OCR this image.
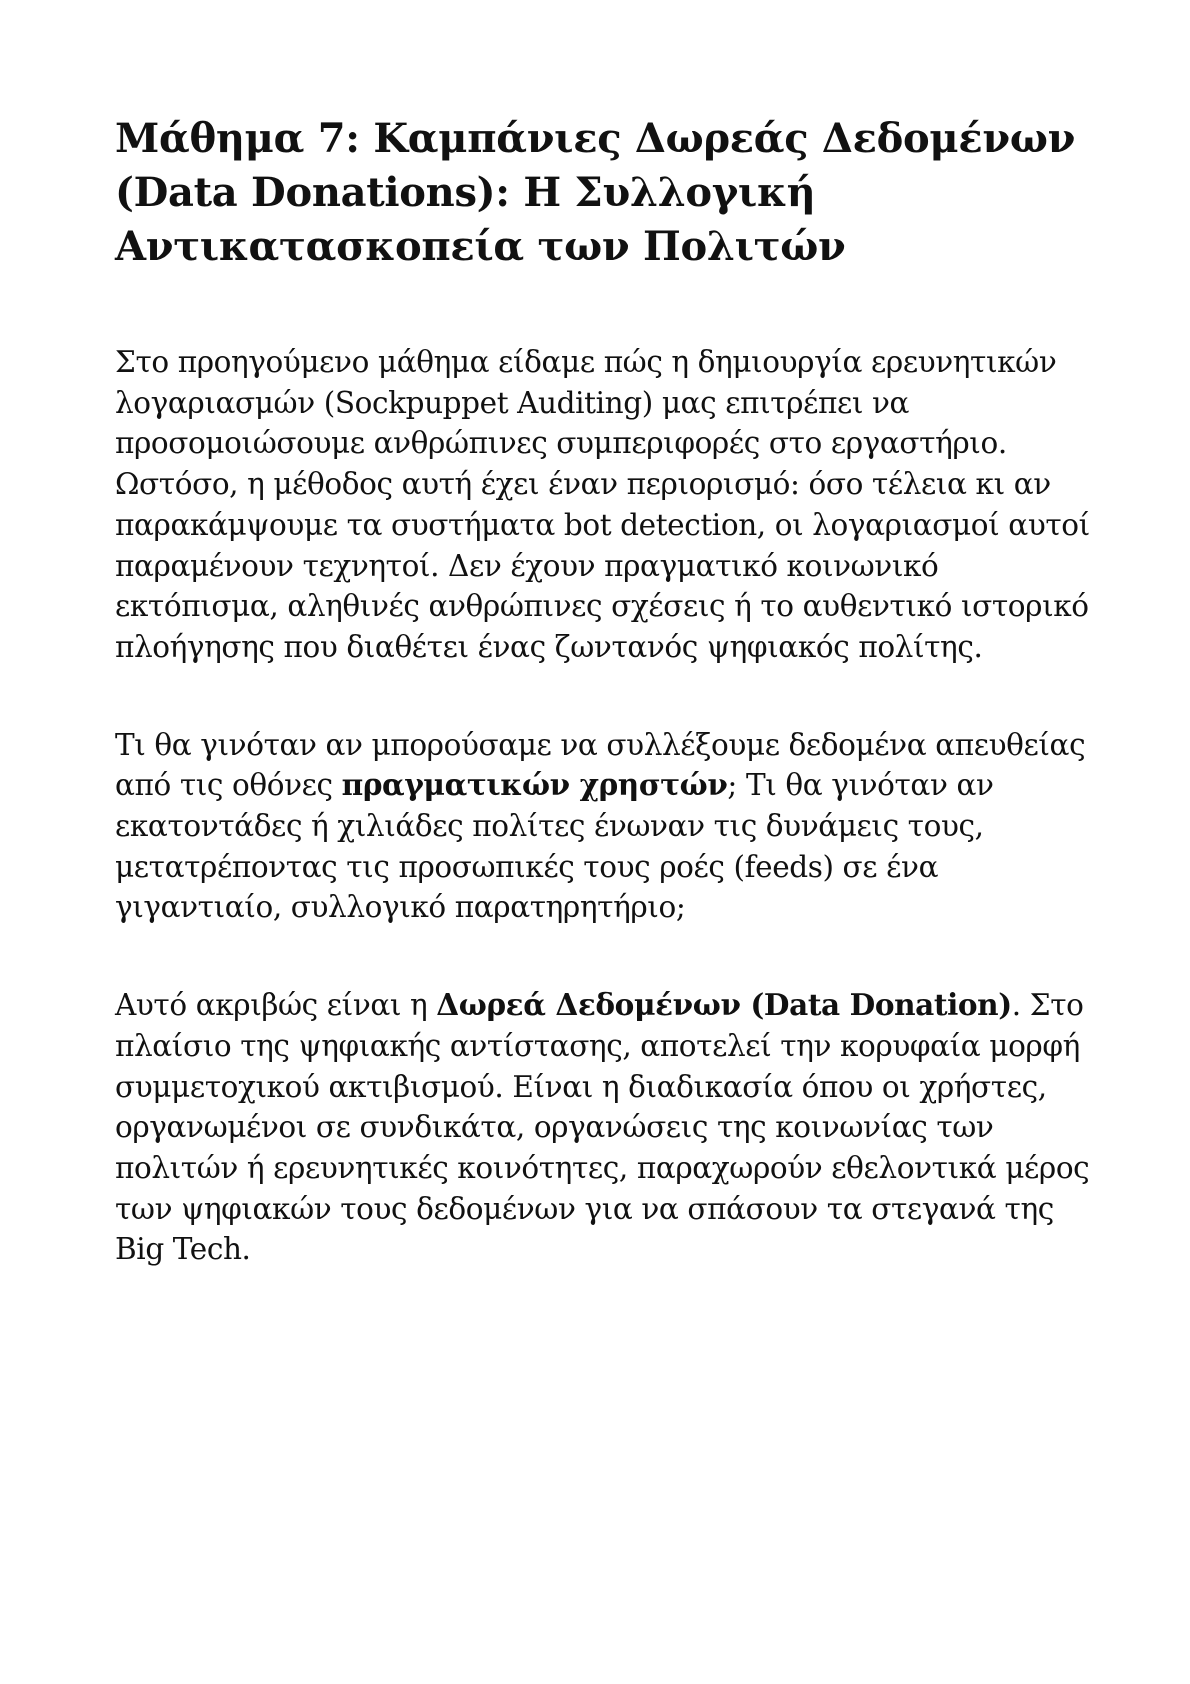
Μάθημα 7: Καμπάνιες Δωρεάς Δεδομένων (Data Donations): Η Συλλογική Αντικατασκοπεία των Πολιτών

Στο προηγούμενο μάθημα είδαμε πώς η δημιουργία ερευνητικών λογαριασμών (Sockpuppet Auditing) μας επιτρέπει να προσομοιώσουμε ανθρώπινες συμπεριφορές στο εργαστήριο. Ωστόσο, η μέθοδος αυτή έχει έναν περιορισμό: όσο τέλεια κι αν παρακάμψουμε τα συστήματα bot detection, οι λογαριασμοί αυτοί παραμένουν τεχνητοί. Δεν έχουν πραγματικό κοινωνικό εκτόπισμα, αληθινές ανθρώπινες σχέσεις ή το αυθεντικό ιστορικό πλοήγησης που διαθέτει ένας ζωντανός ψηφιακός πολίτης.

Τι θα γινόταν αν μπορούσαμε να συλλέξουμε δεδομένα απευθείας από τις οθόνες πραγματικών χρηστών; Τι θα γινόταν αν εκατοντάδες ή χιλιάδες πολίτες ένωναν τις δυνάμεις τους, μετατρέποντας τις προσωπικές τους ροές (feeds) σε ένα γιγαντιαίο, συλλογικό παρατηρητήριο;

Αυτό ακριβώς είναι η Δωρεά Δεδομένων (Data Donation). Στο πλαίσιο της ψηφιακής αντίστασης, αποτελεί την κορυφαία μορφή συμμετοχικού ακτιβισμού. Είναι η διαδικασία όπου οι χρήστες, οργανωμένοι σε συνδικάτα, οργανώσεις της κοινωνίας των πολιτών ή ερευνητικές κοινότητες, παραχωρούν εθελοντικά μέρος των ψηφιακών τους δεδομένων για να σπάσουν τα στεγανά της Big Tech.
